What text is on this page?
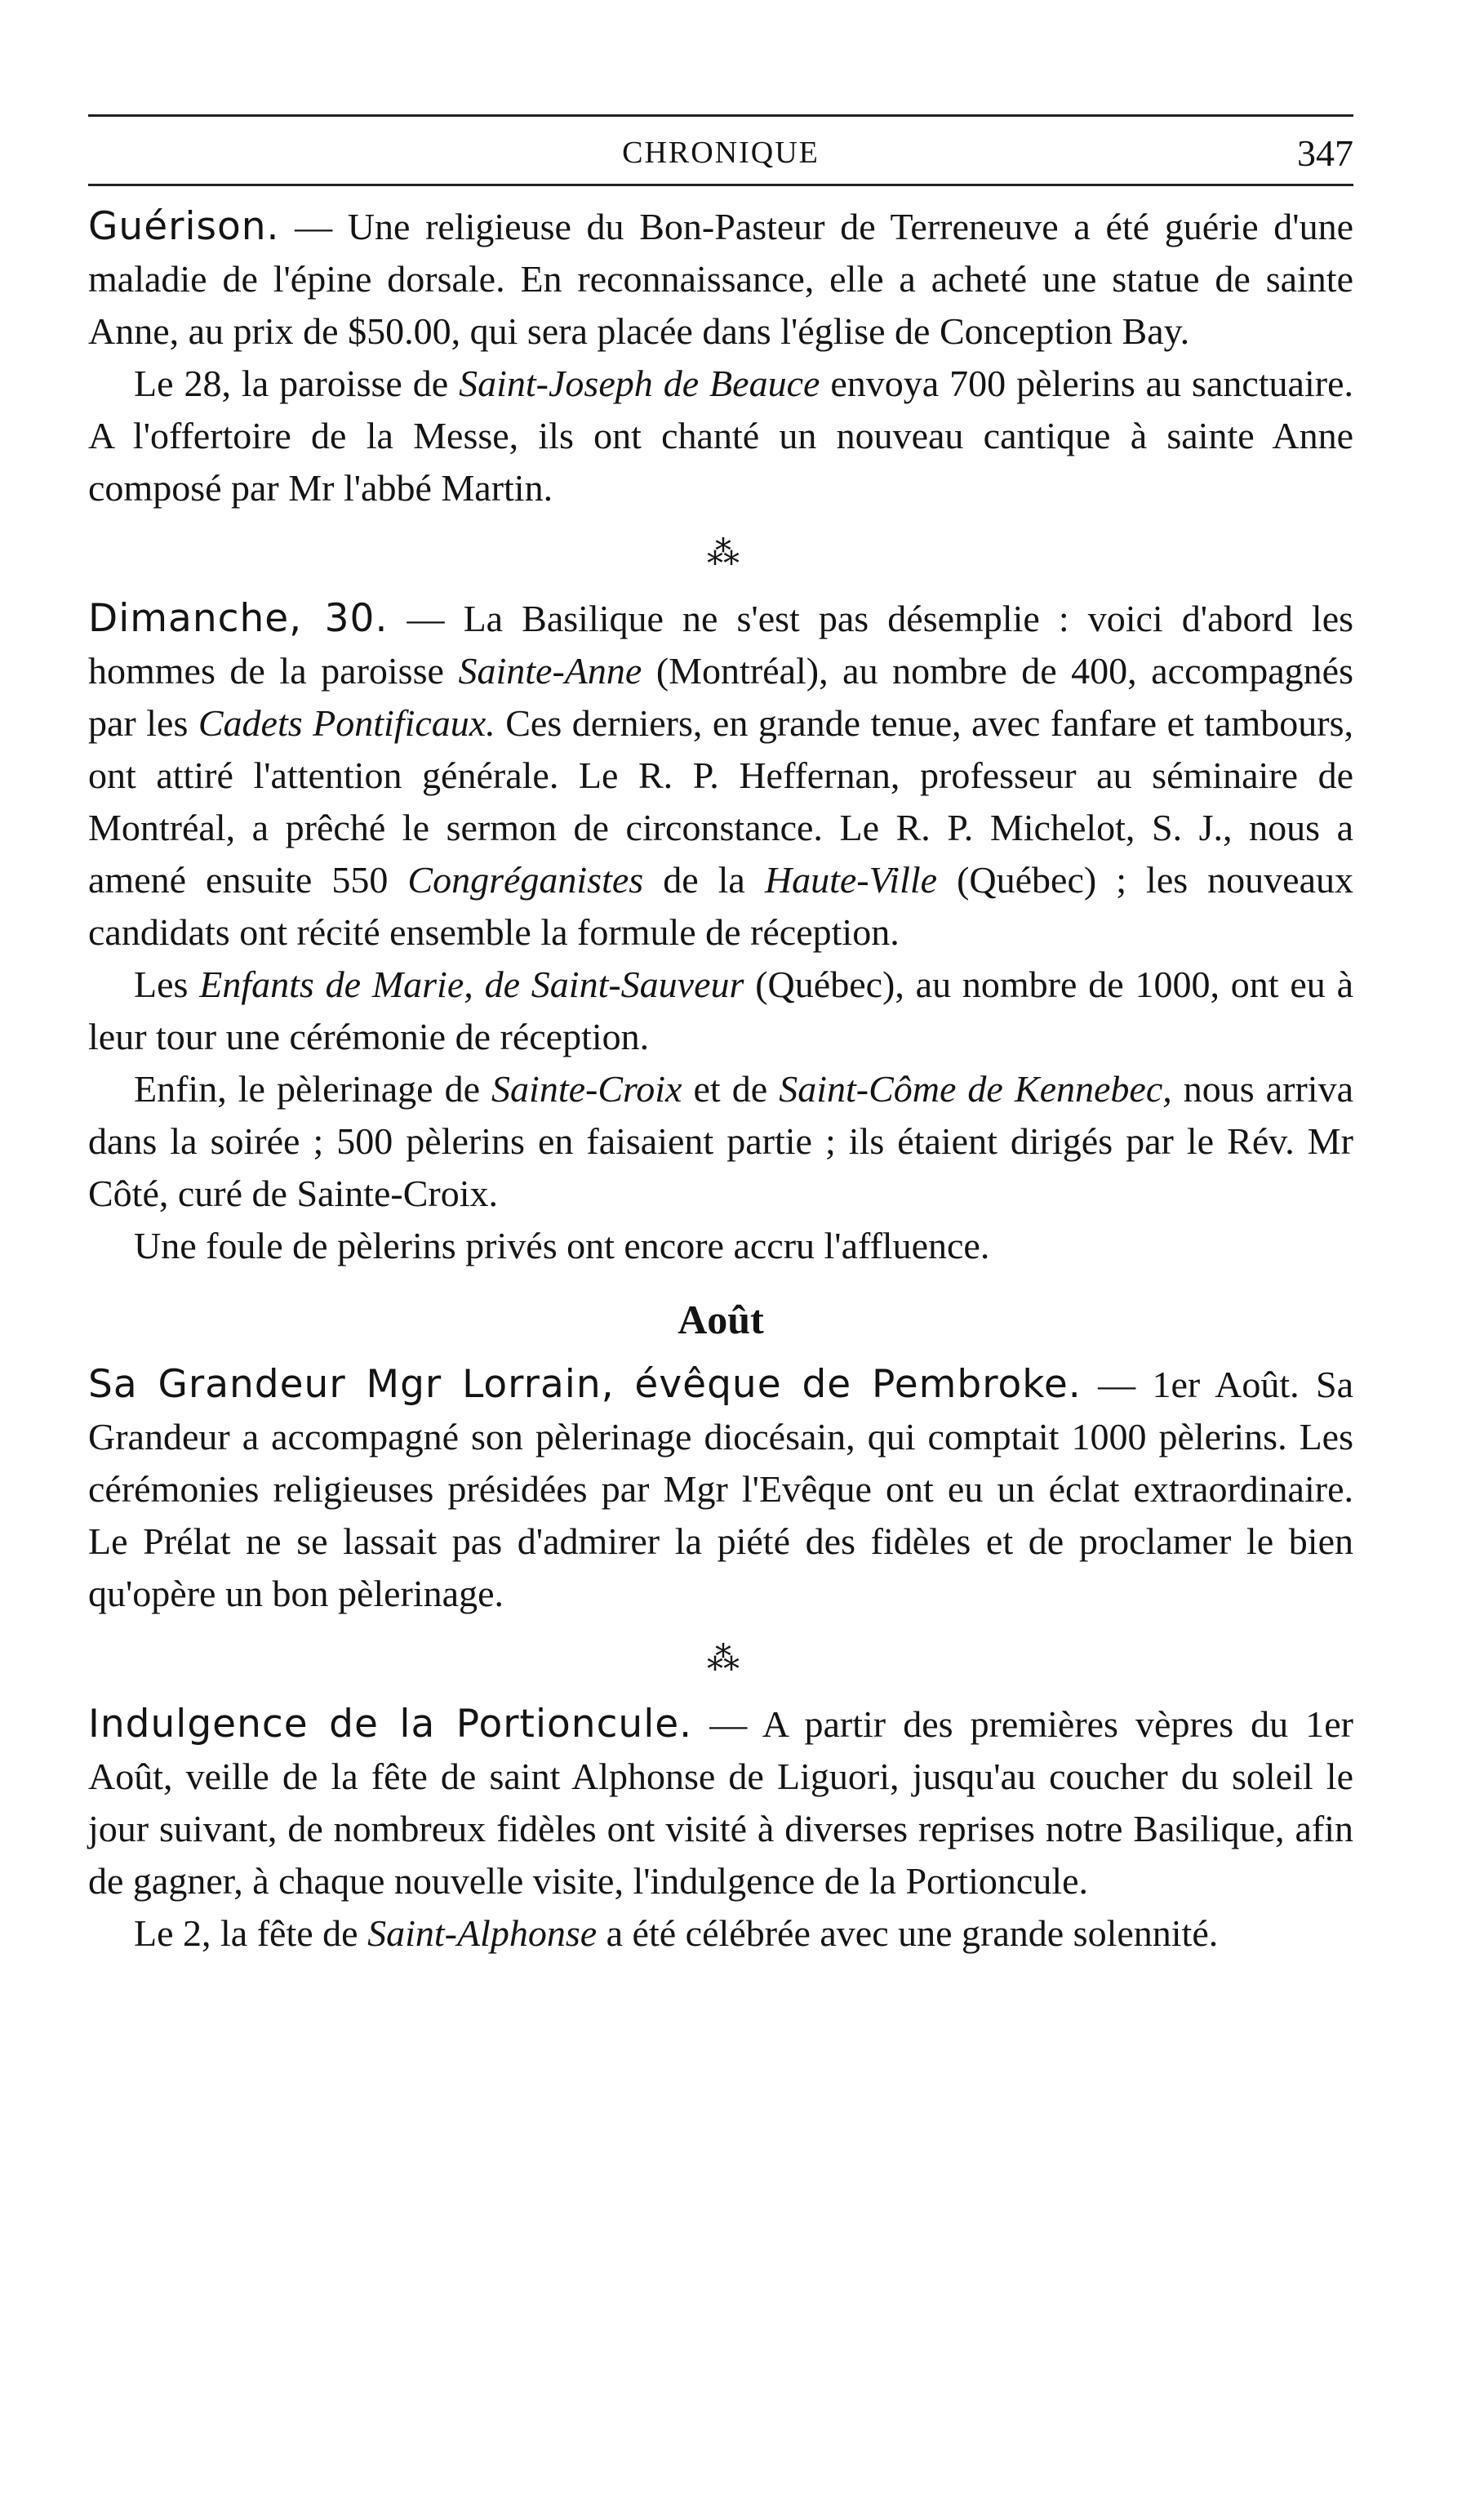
CHRONIQUE	347

Guérison. — Une religieuse du Bon-Pasteur de Terreneuve a été guérie d'une maladie de l'épine dorsale. En reconnaissance, elle a acheté une statue de sainte Anne, au prix de $50.00, qui sera placée dans l'église de Conception Bay.

Le 28, la paroisse de Saint-Joseph de Beauce envoya 700 pèlerins au sanctuaire. A l'offertoire de la Messe, ils ont chanté un nouveau cantique à sainte Anne composé par Mr l'abbé Martin.

⁂

Dimanche, 30. — La Basilique ne s'est pas désemplie : voici d'abord les hommes de la paroisse Sainte-Anne (Montréal), au nombre de 400, accompagnés par les Cadets Pontificaux. Ces derniers, en grande tenue, avec fanfare et tambours, ont attiré l'attention générale. Le R. P. Heffernan, professeur au séminaire de Montréal, a prêché le sermon de circonstance. Le R. P. Michelot, S. J., nous a amené ensuite 550 Congréganistes de la Haute-Ville (Québec) ; les nouveaux candidats ont récité ensemble la formule de réception.

Les Enfants de Marie, de Saint-Sauveur (Québec), au nombre de 1000, ont eu à leur tour une cérémonie de réception.

Enfin, le pèlerinage de Sainte-Croix et de Saint-Côme de Kennebec, nous arriva dans la soirée ; 500 pèlerins en faisaient partie ; ils étaient dirigés par le Rév. Mr Côté, curé de Sainte-Croix.

Une foule de pèlerins privés ont encore accru l'affluence.

Août

Sa Grandeur Mgr Lorrain, évêque de Pembroke. — 1er Août. Sa Grandeur a accompagné son pèlerinage diocésain, qui comptait 1000 pèlerins. Les cérémonies religieuses présidées par Mgr l'Evêque ont eu un éclat extraordinaire. Le Prélat ne se lassait pas d'admirer la piété des fidèles et de proclamer le bien qu'opère un bon pèlerinage.

⁂

Indulgence de la Portioncule. — A partir des premières vèpres du 1er Août, veille de la fête de saint Alphonse de Liguori, jusqu'au coucher du soleil le jour suivant, de nombreux fidèles ont visité à diverses reprises notre Basilique, afin de gagner, à chaque nouvelle visite, l'indulgence de la Portioncule.

Le 2, la fête de Saint-Alphonse a été célébrée avec une grande solennité.
